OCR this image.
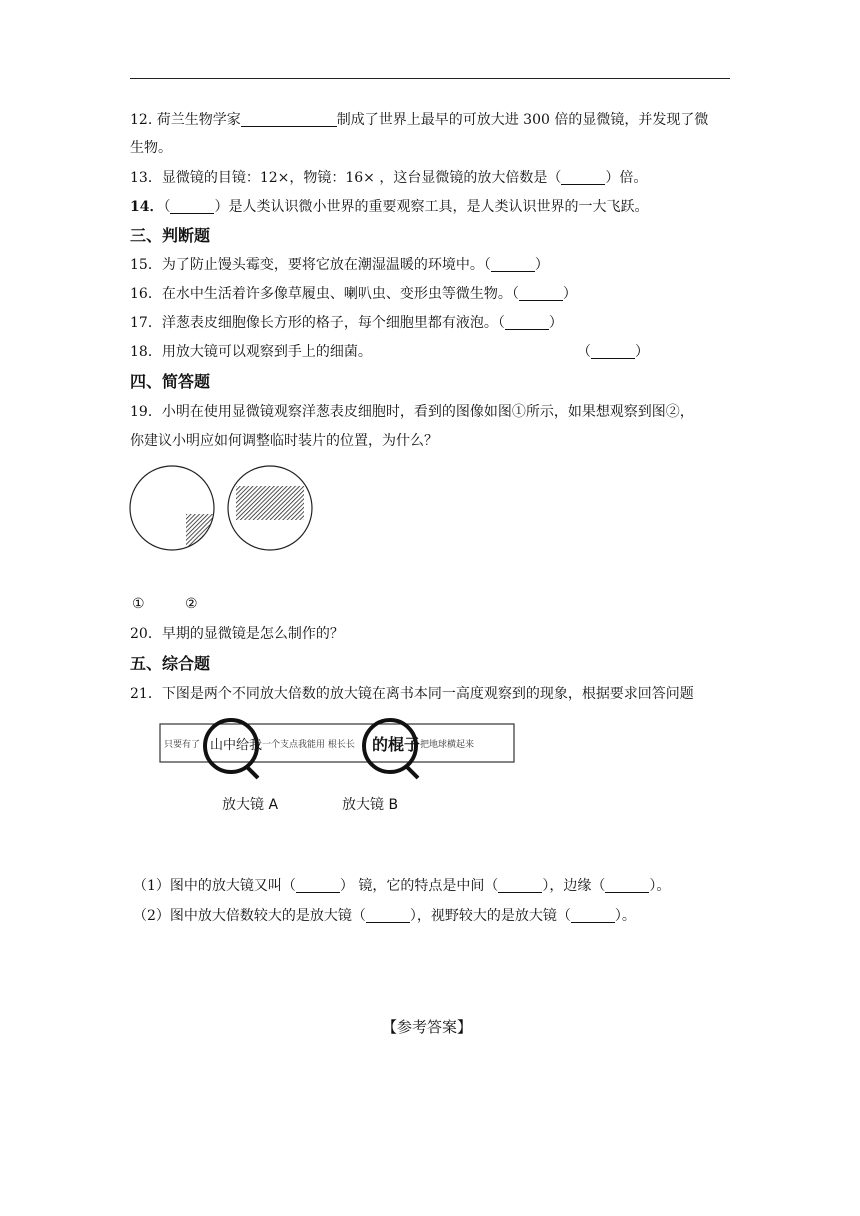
12. 荷兰生物学家	制成了世界上最早的可放大进 300 倍的显微镜，并发现了微
生物。
13．显微镜的目镜：12×，物镜：16× ，这台显微镜的放大倍数是（	）倍。
14．（	）是人类认识微小世界的重要观察工具，是人类认识世界的一大飞跃。
三、判断题
15．为了防止馒头霉变，要将它放在潮湿温暖的环境中。（	）
16．在水中生活着许多像草履虫、喇叭虫、变形虫等微生物。（	）
17．洋葱表皮细胞像长方形的格子，每个细胞里都有液泡。（	）
18．用放大镜可以观察到手上的细菌。	（	）
四、简答题
19．小明在使用显微镜观察洋葱表皮细胞时，看到的图像如图①所示，如果想观察到图②，
你建议小明应如何调整临时装片的位置，为什么？
①	②
20．早期的显微镜是怎么制作的？
五、综合题
21．下图是两个不同放大倍数的放大镜在离书本同一高度观察到的现象，根据要求回答问题
只要有了 山中给我 一个支点我能用 根长长 的棍子 把地球横起来
放大镜 A	放大镜 B
（1）图中的放大镜又叫（	） 镜，它的特点是中间（	），边缘（	）。
（2）图中放大倍数较大的是放大镜（	），视野较大的是放大镜（	）。
【参考答案】
